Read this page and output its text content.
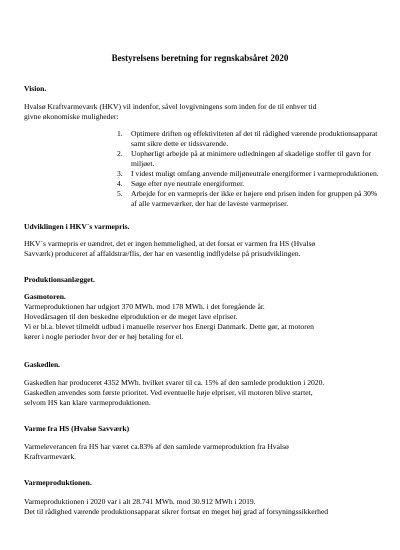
Bestyrelsens beretning for regnskabsåret 2020
Vision.
Hvalsø Kraftvarmeværk (HKV) vil indenfor, såvel lovgivningens som inden for de til enhver tid
givne økonomiske muligheder:
1. Optimere driften og effektiviteten af det til rådighed værende produktionsapparat
samt sikre dette er tidssvarende.
2. Uophørligt arbejde på at minimere udledningen af skadelige stoffer til gavn for
miljøet.
3. I videst muligt omfang anvende miljøneutrale energiformer i varmeproduktionen.
4. Søge efter nye neutrale energiformer.
5. Arbejde for en varmepris der ikke er højere end prisen inden for gruppen på 30%
af alle varmeværker, der har de laveste varmepriser.
Udviklingen i HKV´s varmepris.
HKV´s varmepris er uændret, det er ingen hemmelighed, at det forsat er varmen fra HS (Hvalsø
Savværk) produceret af affaldstræ/flis, der har en væsentlig indflydelse på prisudviklingen.
Produktionsanlægget.
Gasmotoren.
Varmeproduktionen har udgjort 370 MWh. mod 178 MWh. i det foregående år.
Hovedårsagen til den beskedne elproduktion er de meget lave elpriser.
Vi er bl.a. blevet tilmeldt udbud i manuelle reserver hos Energi Danmark. Dette gør, at motoren
kører i nogle perioder hvor der er høj betaling for el.
Gaskedlen.
Gaskedlen har produceret 4352 MWh. hvilket svarer til ca. 15% af den samlede produktion i 2020.
Gaskedlen anvendes som første prioritet. Ved eventuelle høje elpriser, vil motoren blive startet,
selvom HS kan klare varmeproduktionen.
Varme fra HS (Hvalsø Savværk)
Varmeleverancen fra HS har været ca.83% af den samlede varmeproduktion fra Hvalsø
Kraftvarmeværk.
Varmeproduktionen.
Varmeproduktionen i 2020 var i alt 28.741 MWh. mod 30.912 MWh i 2019.
Det til rådighed værende produktionsapparat sikrer fortsat en meget høj grad af forsyningssikkerhed
